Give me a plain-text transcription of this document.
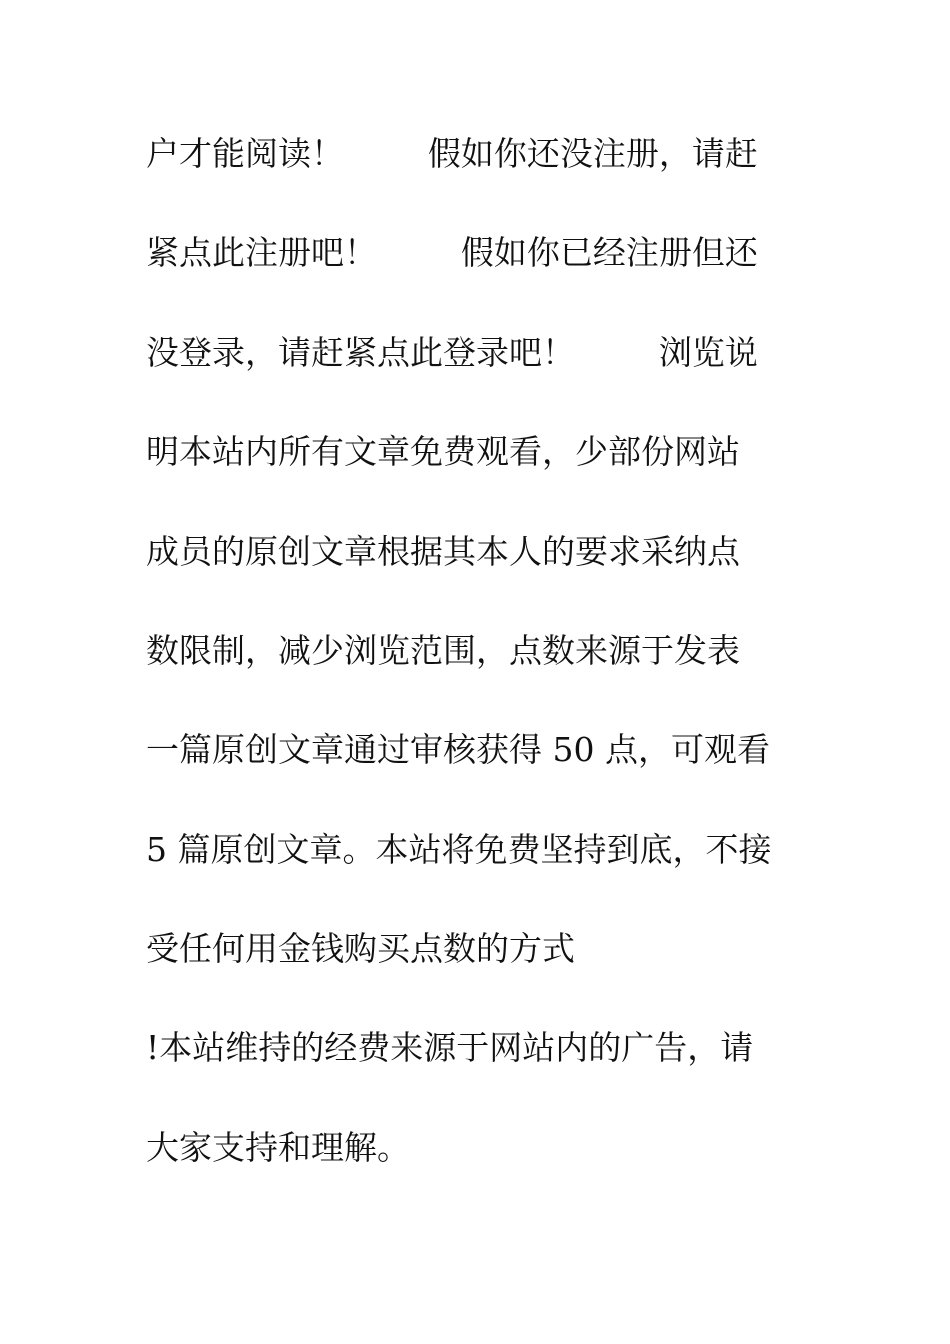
户才能阅读！        假如你还没注册，请赶

紧点此注册吧！        假如你已经注册但还

没登录，请赶紧点此登录吧！        浏览说

明本站内所有文章免费观看，少部份网站

成员的原创文章根据其本人的要求采纳点

数限制，减少浏览范围，点数来源于发表

一篇原创文章通过审核获得 50 点，可观看

5 篇原创文章。本站将免费坚持到底，不接

受任何用金钱购买点数的方式

!本站维持的经费来源于网站内的广告，请

大家支持和理解。
